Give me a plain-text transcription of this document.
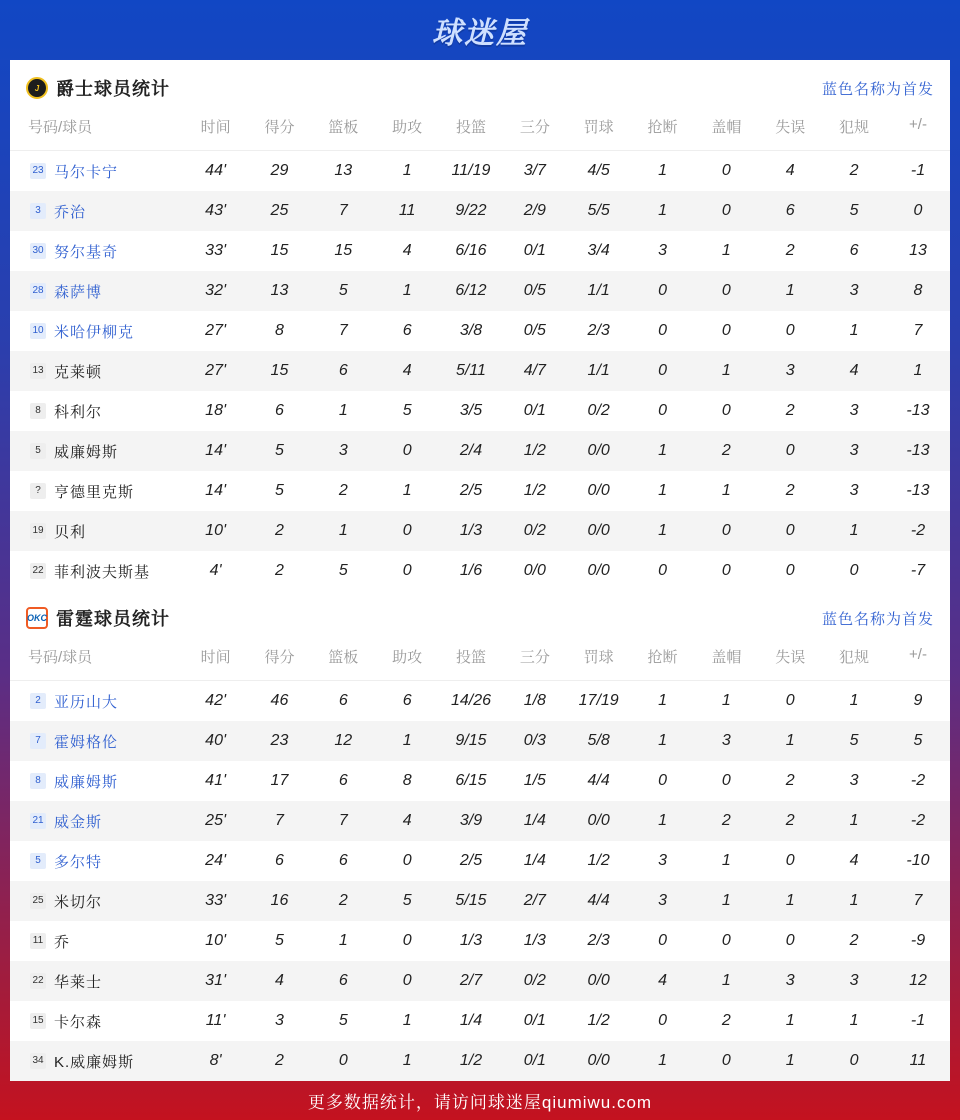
球迷屋
J 爵士球员统计	蓝色名称为首发
号码/球员	时间	得分	篮板	助攻	投篮	三分	罚球	抢断	盖帽	失误	犯规	+/-
23 马尔卡宁	44'	29	13	1	11/19	3/7	4/5	1	0	4	2	-1
3 乔治	43'	25	7	11	9/22	2/9	5/5	1	0	6	5	0
30 努尔基奇	33'	15	15	4	6/16	0/1	3/4	3	1	2	6	13
28 森萨博	32'	13	5	1	6/12	0/5	1/1	0	0	1	3	8
10 米哈伊柳克	27'	8	7	6	3/8	0/5	2/3	0	0	0	1	7
13 克莱顿	27'	15	6	4	5/11	4/7	1/1	0	1	3	4	1
8 科利尔	18'	6	1	5	3/5	0/1	0/2	0	0	2	3	-13
5 威廉姆斯	14'	5	3	0	2/4	1/2	0/0	1	2	0	3	-13
? 亨德里克斯	14'	5	2	1	2/5	1/2	0/0	1	1	2	3	-13
19 贝利	10'	2	1	0	1/3	0/2	0/0	1	0	0	1	-2
22 菲利波夫斯基	4'	2	5	0	1/6	0/0	0/0	0	0	0	0	-7
OKC 雷霆球员统计	蓝色名称为首发
号码/球员	时间	得分	篮板	助攻	投篮	三分	罚球	抢断	盖帽	失误	犯规	+/-
2 亚历山大	42'	46	6	6	14/26	1/8	17/19	1	1	0	1	9
7 霍姆格伦	40'	23	12	1	9/15	0/3	5/8	1	3	1	5	5
8 威廉姆斯	41'	17	6	8	6/15	1/5	4/4	0	0	2	3	-2
21 威金斯	25'	7	7	4	3/9	1/4	0/0	1	2	2	1	-2
5 多尔特	24'	6	6	0	2/5	1/4	1/2	3	1	0	4	-10
25 米切尔	33'	16	2	5	5/15	2/7	4/4	3	1	1	1	7
11 乔	10'	5	1	0	1/3	1/3	2/3	0	0	0	2	-9
22 华莱士	31'	4	6	0	2/7	0/2	0/0	4	1	3	3	12
15 卡尔森	11'	3	5	1	1/4	0/1	1/2	0	2	1	1	-1
34 K.威廉姆斯	8'	2	0	1	1/2	0/1	0/0	1	0	1	0	11
更多数据统计，请访问球迷屋qiumiwu.com
